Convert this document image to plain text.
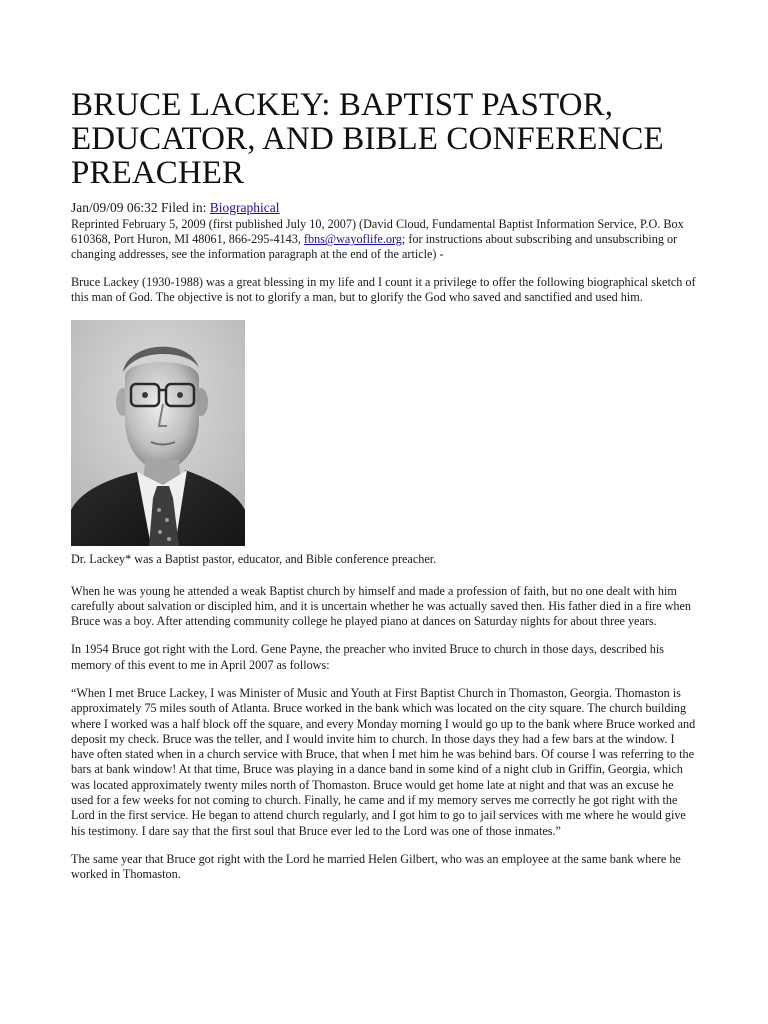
BRUCE LACKEY: BAPTIST PASTOR, EDUCATOR, AND BIBLE CONFERENCE PREACHER
Jan/09/09 06:32 Filed in: Biographical
Reprinted February 5, 2009 (first published July 10, 2007) (David Cloud, Fundamental Baptist Information Service, P.O. Box 610368, Port Huron, MI 48061, 866-295-4143, fbns@wayoflife.org; for instructions about subscribing and unsubscribing or changing addresses, see the information paragraph at the end of the article) -

Bruce Lackey (1930-1988) was a great blessing in my life and I count it a privilege to offer the following biographical sketch of this man of God. The objective is not to glorify a man, but to glorify the God who saved and sanctified and used him.

Dr. Lackey* was a Baptist pastor, educator, and Bible conference preacher.

When he was young he attended a weak Baptist church by himself and made a profession of faith, but no one dealt with him carefully about salvation or discipled him, and it is uncertain whether he was actually saved then. His father died in a fire when Bruce was a boy. After attending community college he played piano at dances on Saturday nights for about three years.

In 1954 Bruce got right with the Lord. Gene Payne, the preacher who invited Bruce to church in those days, described his memory of this event to me in April 2007 as follows:

“When I met Bruce Lackey, I was Minister of Music and Youth at First Baptist Church in Thomaston, Georgia. Thomaston is approximately 75 miles south of Atlanta. Bruce worked in the bank which was located on the city square. The church building where I worked was a half block off the square, and every Monday morning I would go up to the bank where Bruce worked and deposit my check. Bruce was the teller, and I would invite him to church. In those days they had a few bars at the window. I have often stated when in a church service with Bruce, that when I met him he was behind bars. Of course I was referring to the bars at bank window! At that time, Bruce was playing in a dance band in some kind of a night club in Griffin, Georgia, which was located approximately twenty miles north of Thomaston. Bruce would get home late at night and that was an excuse he used for a few weeks for not coming to church. Finally, he came and if my memory serves me correctly he got right with the Lord in the first service. He began to attend church regularly, and I got him to go to jail services with me where he would give his testimony. I dare say that the first soul that Bruce ever led to the Lord was one of those inmates.”

The same year that Bruce got right with the Lord he married Helen Gilbert, who was an employee at the same bank where he worked in Thomaston.
